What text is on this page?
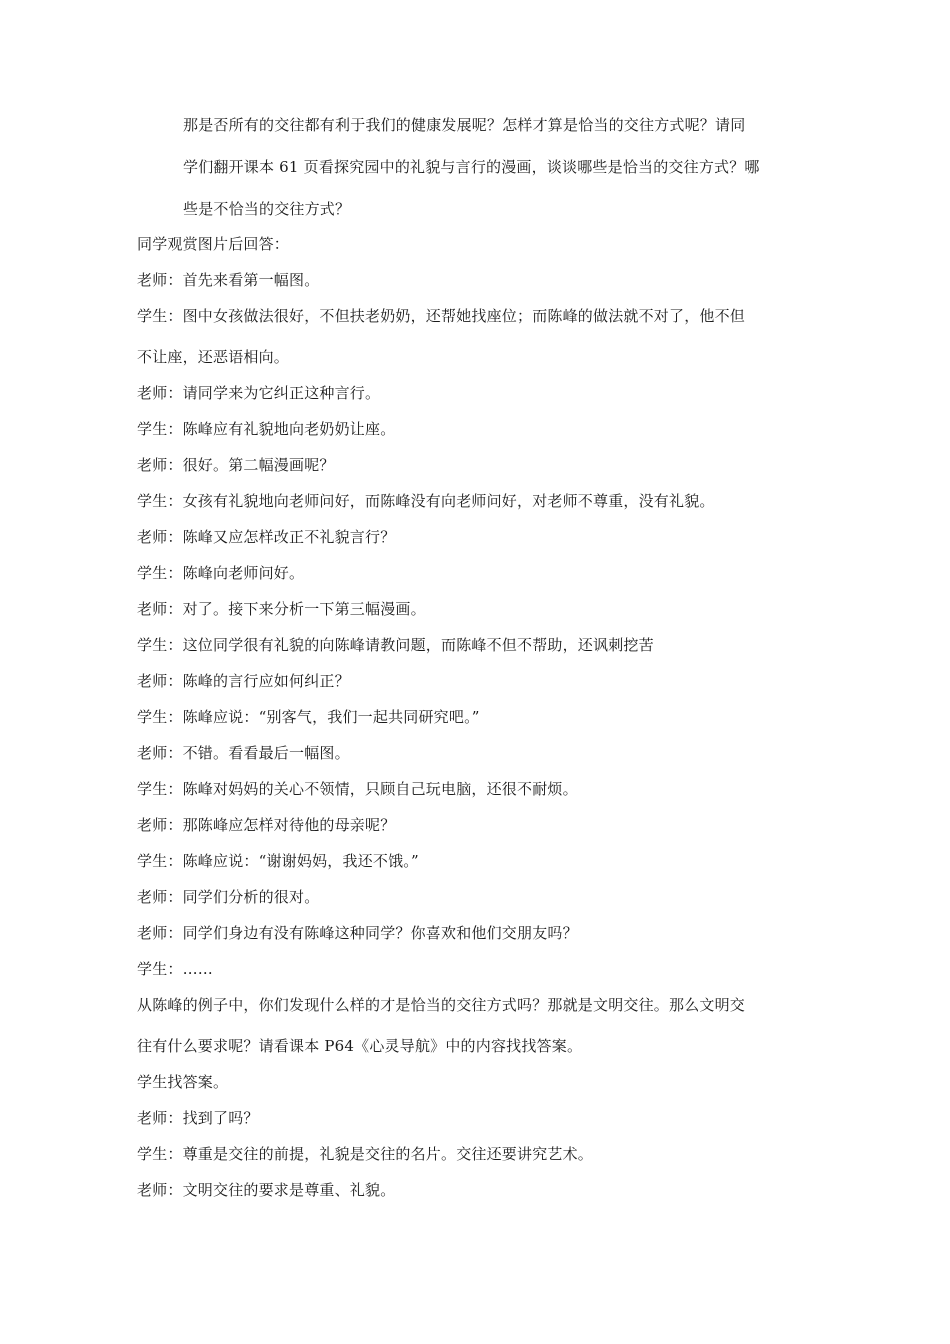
那是否所有的交往都有利于我们的健康发展呢？怎样才算是恰当的交往方式呢？请同
学们翻开课本 61 页看探究园中的礼貌与言行的漫画，谈谈哪些是恰当的交往方式？哪
些是不恰当的交往方式？
同学观赏图片后回答：
老师：首先来看第一幅图。
学生：图中女孩做法很好，不但扶老奶奶，还帮她找座位；而陈峰的做法就不对了，他不但
不让座，还恶语相向。
老师：请同学来为它纠正这种言行。
学生：陈峰应有礼貌地向老奶奶让座。
老师：很好。第二幅漫画呢？
学生：女孩有礼貌地向老师问好，而陈峰没有向老师问好，对老师不尊重，没有礼貌。
老师：陈峰又应怎样改正不礼貌言行？
学生：陈峰向老师问好。
老师：对了。接下来分析一下第三幅漫画。
学生：这位同学很有礼貌的向陈峰请教问题，而陈峰不但不帮助，还讽刺挖苦
老师：陈峰的言行应如何纠正？
学生：陈峰应说：“别客气，我们一起共同研究吧。”
老师：不错。看看最后一幅图。
学生：陈峰对妈妈的关心不领情，只顾自己玩电脑，还很不耐烦。
老师：那陈峰应怎样对待他的母亲呢？
学生：陈峰应说：“谢谢妈妈，我还不饿。”
老师：同学们分析的很对。
老师：同学们身边有没有陈峰这种同学？你喜欢和他们交朋友吗？
学生：……
从陈峰的例子中，你们发现什么样的才是恰当的交往方式吗？那就是文明交往。那么文明交
往有什么要求呢？请看课本 P64《心灵导航》中的内容找找答案。
学生找答案。
老师：找到了吗？
学生：尊重是交往的前提，礼貌是交往的名片。交往还要讲究艺术。
老师：文明交往的要求是尊重、礼貌。
